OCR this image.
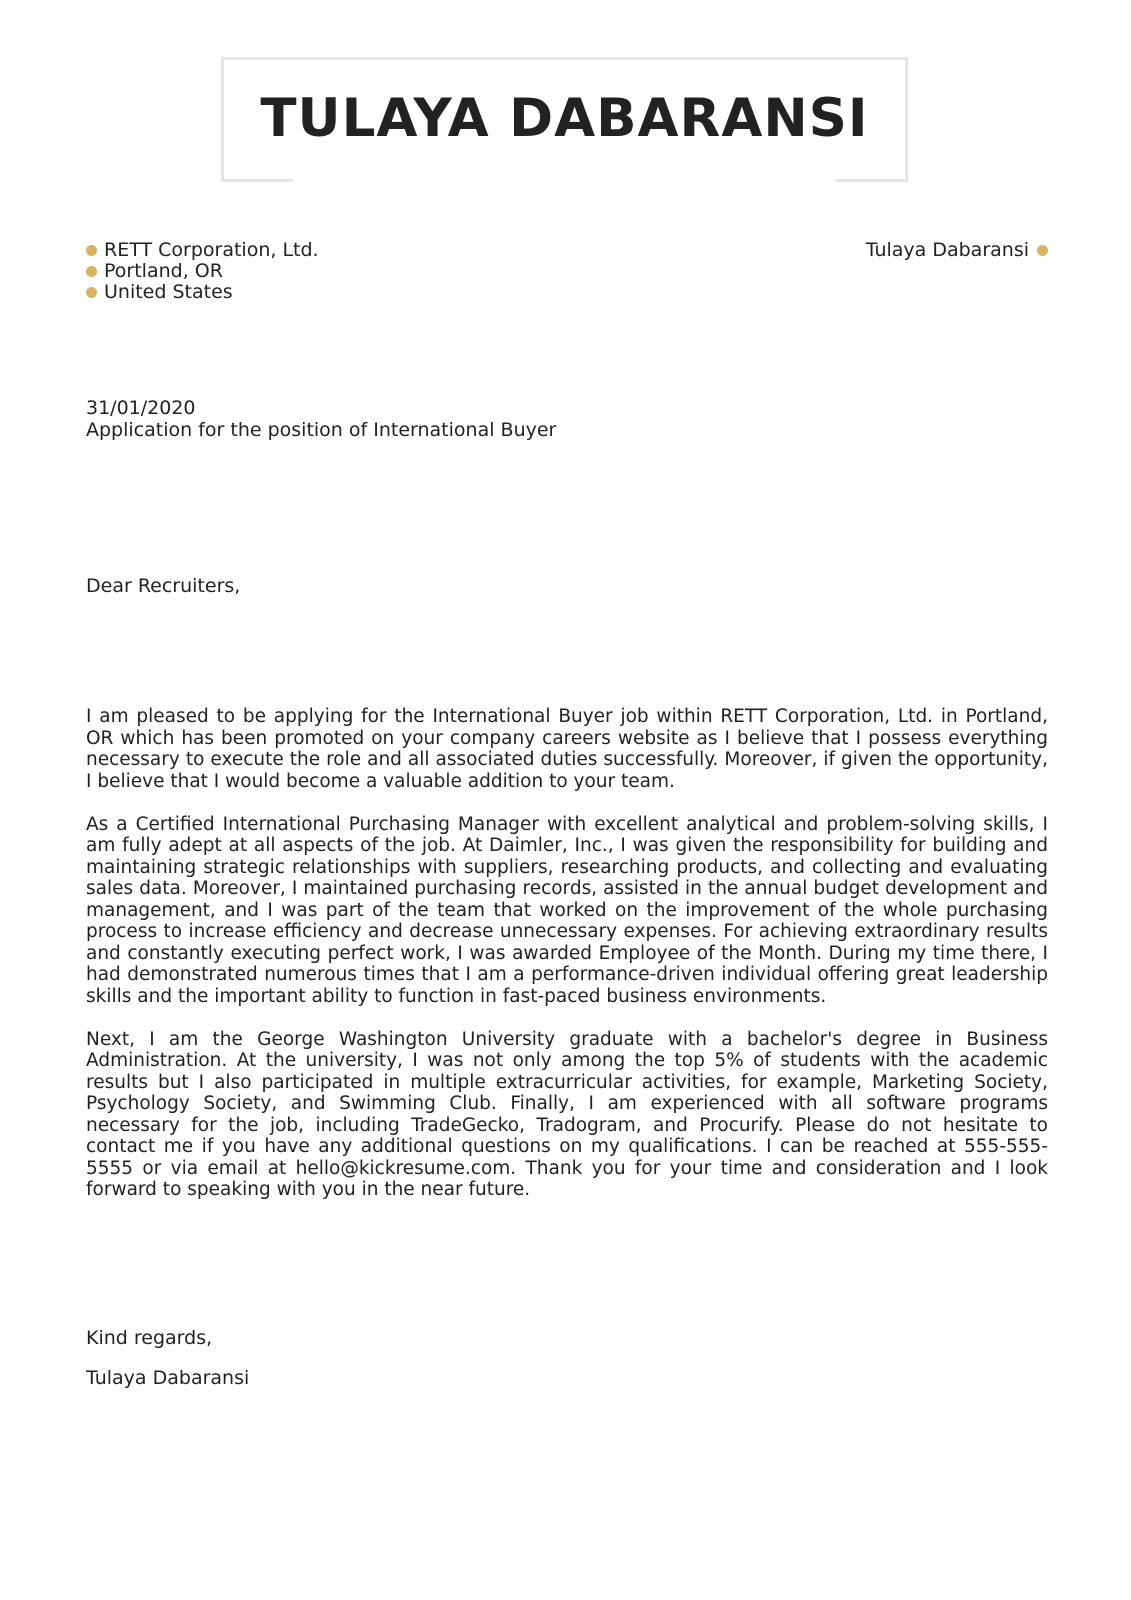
TULAYA DABARANSI
RETT Corporation, Ltd.
Portland, OR
United States
Tulaya Dabaransi
31/01/2020
Application for the position of International Buyer
Dear Recruiters,

I am pleased to be applying for the International Buyer job within RETT Corporation, Ltd. in Portland, OR which has been promoted on your company careers website as I believe that I possess everything necessary to execute the role and all associated duties successfully. Moreover, if given the opportunity, I believe that I would become a valuable addition to your team.

As a Certified International Purchasing Manager with excellent analytical and problem-solving skills, I am fully adept at all aspects of the job. At Daimler, Inc., I was given the responsibility for building and maintaining strategic relationships with suppliers, researching products, and collecting and evaluating sales data. Moreover, I maintained purchasing records, assisted in the annual budget development and management, and I was part of the team that worked on the improvement of the whole purchasing process to increase efficiency and decrease unnecessary expenses. For achieving extraordinary results and constantly executing perfect work, I was awarded Employee of the Month. During my time there, I had demonstrated numerous times that I am a performance-driven individual offering great leadership skills and the important ability to function in fast-paced business environments.

Next, I am the George Washington University graduate with a bachelor's degree in Business Administration. At the university, I was not only among the top 5% of students with the academic results but I also participated in multiple extracurricular activities, for example, Marketing Society, Psychology Society, and Swimming Club. Finally, I am experienced with all software programs necessary for the job, including TradeGecko, Tradogram, and Procurify. Please do not hesitate to contact me if you have any additional questions on my qualifications. I can be reached at 555-555-5555 or via email at hello@kickresume.com. Thank you for your time and consideration and I look forward to speaking with you in the near future.

Kind regards,
Tulaya Dabaransi
